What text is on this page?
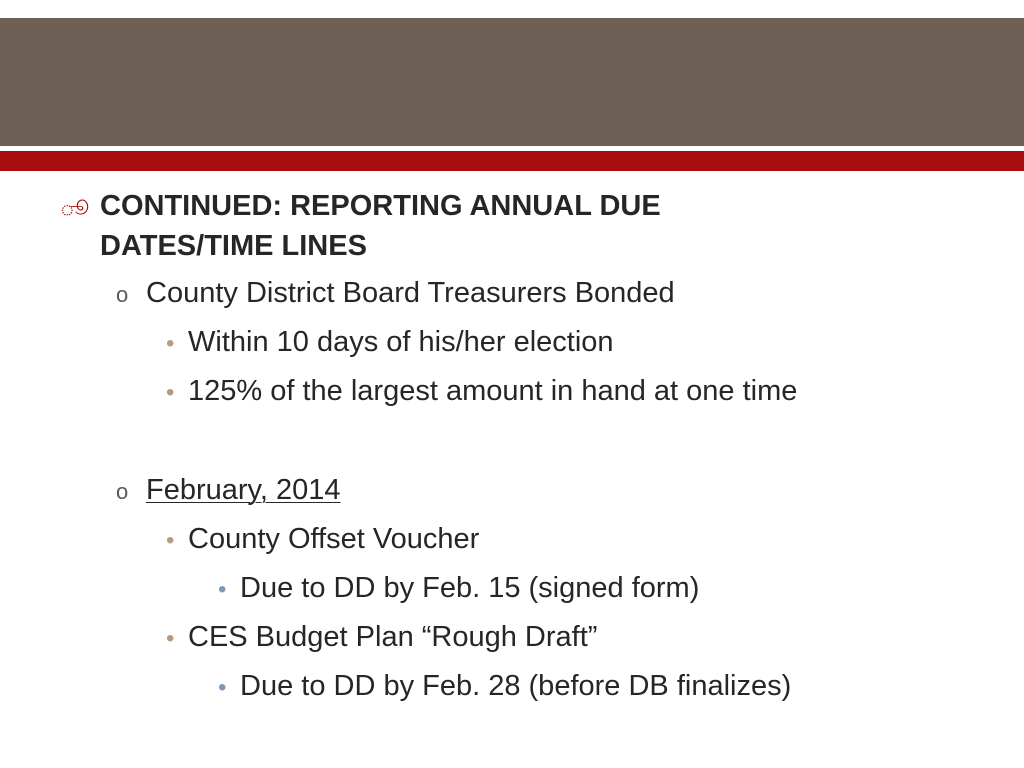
ூ CONTINUED: REPORTING ANNUAL DUE DATES/TIME LINES
o County District Board Treasurers Bonded
• Within 10 days of his/her election
• 125% of the largest amount in hand at one time
o February, 2014
• County Offset Voucher
• Due to DD by Feb. 15 (signed form)
• CES Budget Plan “Rough Draft”
• Due to DD by Feb. 28 (before DB finalizes)
